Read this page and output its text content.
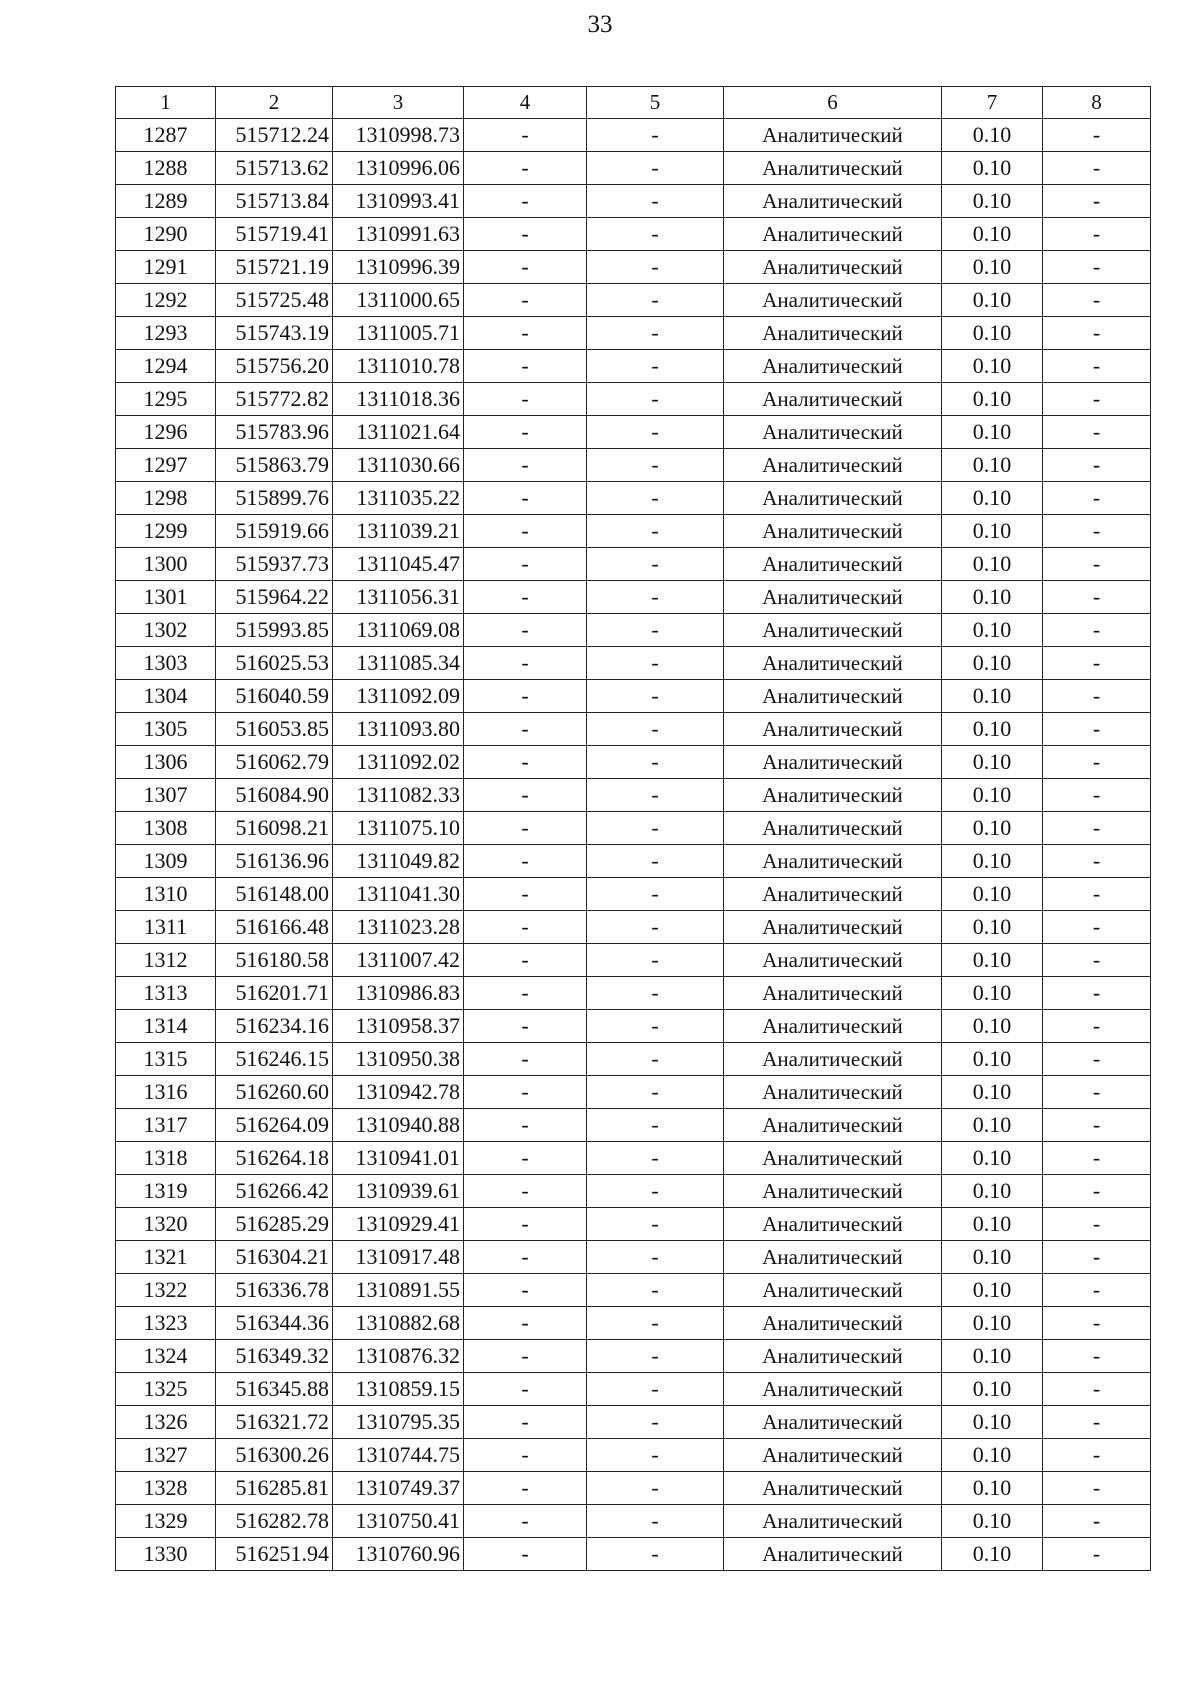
33
1	2	3	4	5	6	7	8
1287	515712.24	1310998.73	-	-	Аналитический	0.10	-
1288	515713.62	1310996.06	-	-	Аналитический	0.10	-
1289	515713.84	1310993.41	-	-	Аналитический	0.10	-
1290	515719.41	1310991.63	-	-	Аналитический	0.10	-
1291	515721.19	1310996.39	-	-	Аналитический	0.10	-
1292	515725.48	1311000.65	-	-	Аналитический	0.10	-
1293	515743.19	1311005.71	-	-	Аналитический	0.10	-
1294	515756.20	1311010.78	-	-	Аналитический	0.10	-
1295	515772.82	1311018.36	-	-	Аналитический	0.10	-
1296	515783.96	1311021.64	-	-	Аналитический	0.10	-
1297	515863.79	1311030.66	-	-	Аналитический	0.10	-
1298	515899.76	1311035.22	-	-	Аналитический	0.10	-
1299	515919.66	1311039.21	-	-	Аналитический	0.10	-
1300	515937.73	1311045.47	-	-	Аналитический	0.10	-
1301	515964.22	1311056.31	-	-	Аналитический	0.10	-
1302	515993.85	1311069.08	-	-	Аналитический	0.10	-
1303	516025.53	1311085.34	-	-	Аналитический	0.10	-
1304	516040.59	1311092.09	-	-	Аналитический	0.10	-
1305	516053.85	1311093.80	-	-	Аналитический	0.10	-
1306	516062.79	1311092.02	-	-	Аналитический	0.10	-
1307	516084.90	1311082.33	-	-	Аналитический	0.10	-
1308	516098.21	1311075.10	-	-	Аналитический	0.10	-
1309	516136.96	1311049.82	-	-	Аналитический	0.10	-
1310	516148.00	1311041.30	-	-	Аналитический	0.10	-
1311	516166.48	1311023.28	-	-	Аналитический	0.10	-
1312	516180.58	1311007.42	-	-	Аналитический	0.10	-
1313	516201.71	1310986.83	-	-	Аналитический	0.10	-
1314	516234.16	1310958.37	-	-	Аналитический	0.10	-
1315	516246.15	1310950.38	-	-	Аналитический	0.10	-
1316	516260.60	1310942.78	-	-	Аналитический	0.10	-
1317	516264.09	1310940.88	-	-	Аналитический	0.10	-
1318	516264.18	1310941.01	-	-	Аналитический	0.10	-
1319	516266.42	1310939.61	-	-	Аналитический	0.10	-
1320	516285.29	1310929.41	-	-	Аналитический	0.10	-
1321	516304.21	1310917.48	-	-	Аналитический	0.10	-
1322	516336.78	1310891.55	-	-	Аналитический	0.10	-
1323	516344.36	1310882.68	-	-	Аналитический	0.10	-
1324	516349.32	1310876.32	-	-	Аналитический	0.10	-
1325	516345.88	1310859.15	-	-	Аналитический	0.10	-
1326	516321.72	1310795.35	-	-	Аналитический	0.10	-
1327	516300.26	1310744.75	-	-	Аналитический	0.10	-
1328	516285.81	1310749.37	-	-	Аналитический	0.10	-
1329	516282.78	1310750.41	-	-	Аналитический	0.10	-
1330	516251.94	1310760.96	-	-	Аналитический	0.10	-
